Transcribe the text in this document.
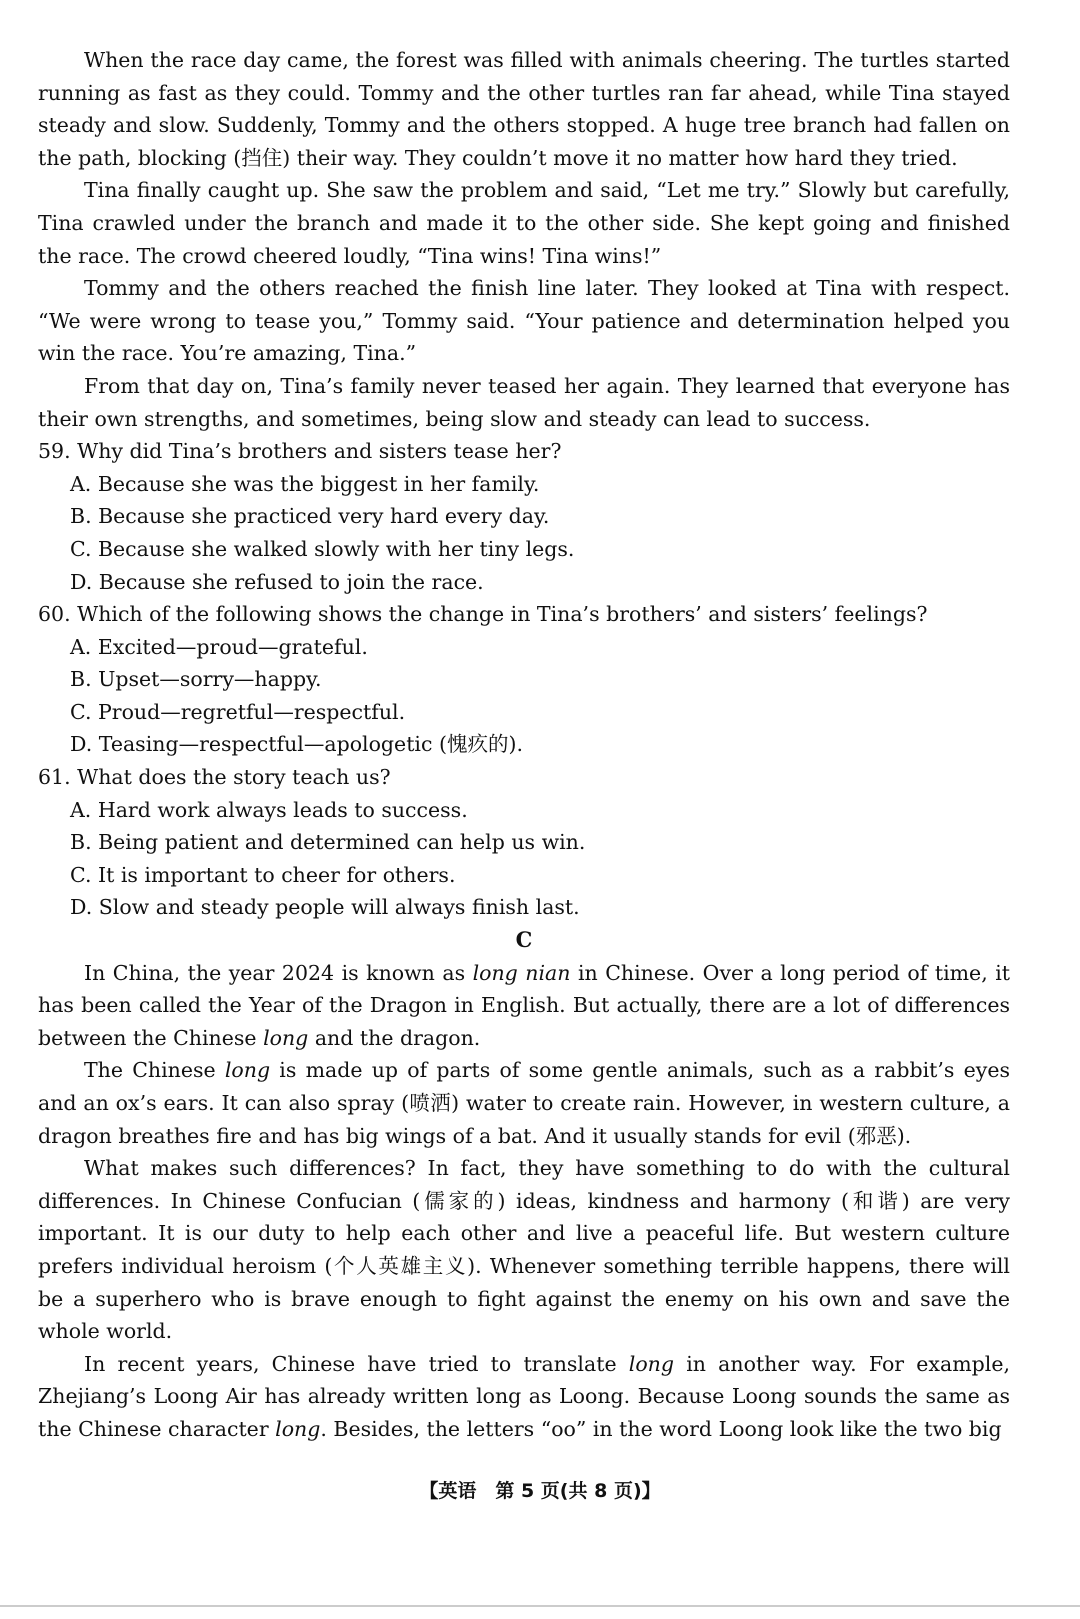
When the race day came, the forest was filled with animals cheering. The turtles started running as fast as they could. Tommy and the other turtles ran far ahead, while Tina stayed steady and slow. Suddenly, Tommy and the others stopped. A huge tree branch had fallen on the path, blocking (挡住) their way. They couldn’t move it no matter how hard they tried.

Tina finally caught up. She saw the problem and said, “Let me try.” Slowly but carefully, Tina crawled under the branch and made it to the other side. She kept going and finished the race. The crowd cheered loudly, “Tina wins! Tina wins!”

Tommy and the others reached the finish line later. They looked at Tina with respect. “We were wrong to tease you,” Tommy said. “Your patience and determination helped you win the race. You’re amazing, Tina.”

From that day on, Tina’s family never teased her again. They learned that everyone has their own strengths, and sometimes, being slow and steady can lead to success.

59. Why did Tina’s brothers and sisters tease her?

A. Because she was the biggest in her family.

B. Because she practiced very hard every day.

C. Because she walked slowly with her tiny legs.

D. Because she refused to join the race.

60. Which of the following shows the change in Tina’s brothers’ and sisters’ feelings?

A. Excited—proud—grateful.

B. Upset—sorry—happy.

C. Proud—regretful—respectful.

D. Teasing—respectful—apologetic (愧疚的).

61. What does the story teach us?

A. Hard work always leads to success.

B. Being patient and determined can help us win.

C. It is important to cheer for others.

D. Slow and steady people will always finish last.

C

In China, the year 2024 is known as long nian in Chinese. Over a long period of time, it has been called the Year of the Dragon in English. But actually, there are a lot of differences between the Chinese long and the dragon.

The Chinese long is made up of parts of some gentle animals, such as a rabbit’s eyes and an ox’s ears. It can also spray (喷洒) water to create rain. However, in western culture, a dragon breathes fire and has big wings of a bat. And it usually stands for evil (邪恶).

What makes such differences? In fact, they have something to do with the cultural differences. In Chinese Confucian (儒家的) ideas, kindness and harmony (和谐) are very important. It is our duty to help each other and live a peaceful life. But western culture prefers individual heroism (个人英雄主义). Whenever something terrible happens, there will be a superhero who is brave enough to fight against the enemy on his own and save the whole world.

In recent years, Chinese have tried to translate long in another way. For example, Zhejiang’s Loong Air has already written long as Loong. Because Loong sounds the same as the Chinese character long. Besides, the letters “oo” in the word Loong look like the two big

【英语　第 5 页(共 8 页)】
